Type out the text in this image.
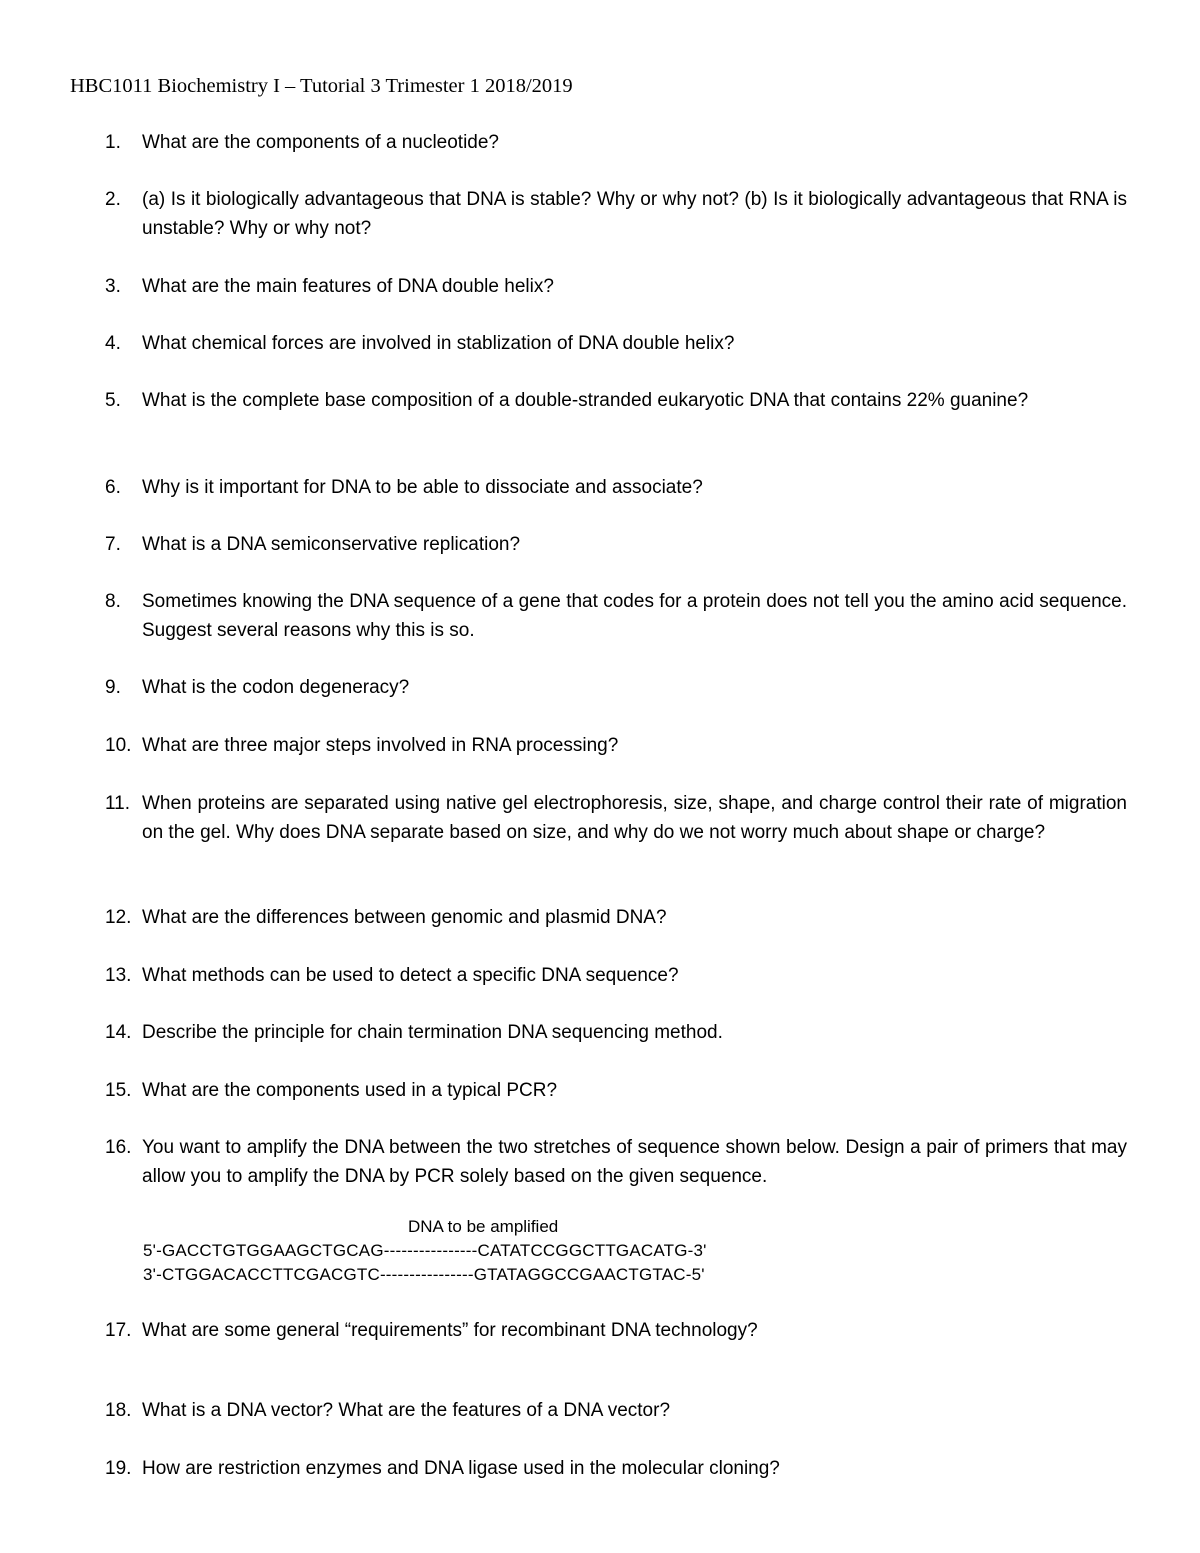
HBC1011 Biochemistry I – Tutorial 3 Trimester 1 2018/2019
1.	What are the components of a nucleotide?
2.	(a) Is it biologically advantageous that DNA is stable? Why or why not? (b) Is it biologically advantageous that RNA is unstable? Why or why not?
3.	What are the main features of DNA double helix?
4.	What chemical forces are involved in stablization of DNA double helix?
5.	What is the complete base composition of a double-stranded eukaryotic DNA that contains 22% guanine?
6.	Why is it important for DNA to be able to dissociate and associate?
7.	What is a DNA semiconservative replication?
8.	Sometimes knowing the DNA sequence of a gene that codes for a protein does not tell you the amino acid sequence. Suggest several reasons why this is so.
9.	What is the codon degeneracy?
10. What are three major steps involved in RNA processing?
11. When proteins are separated using native gel electrophoresis, size, shape, and charge control their rate of migration on the gel. Why does DNA separate based on size, and why do we not worry much about shape or charge?
12. What are the differences between genomic and plasmid DNA?
13. What methods can be used to detect a specific DNA sequence?
14. Describe the principle for chain termination DNA sequencing method.
15. What are the components used in a typical PCR?
16. You want to amplify the DNA between the two stretches of sequence shown below. Design a pair of primers that may allow you to amplify the DNA by PCR solely based on the given sequence.
DNA to be amplified
5'-GACCTGTGGAAGCTGCAG----------------CATATCCGGCTTGACATG-3'
3'-CTGGACACCTTCGACGTC----------------GTATAGGCCGAACTGTAC-5'
17. What are some general “requirements” for recombinant DNA technology?
18. What is a DNA vector? What are the features of a DNA vector?
19. How are restriction enzymes and DNA ligase used in the molecular cloning?
